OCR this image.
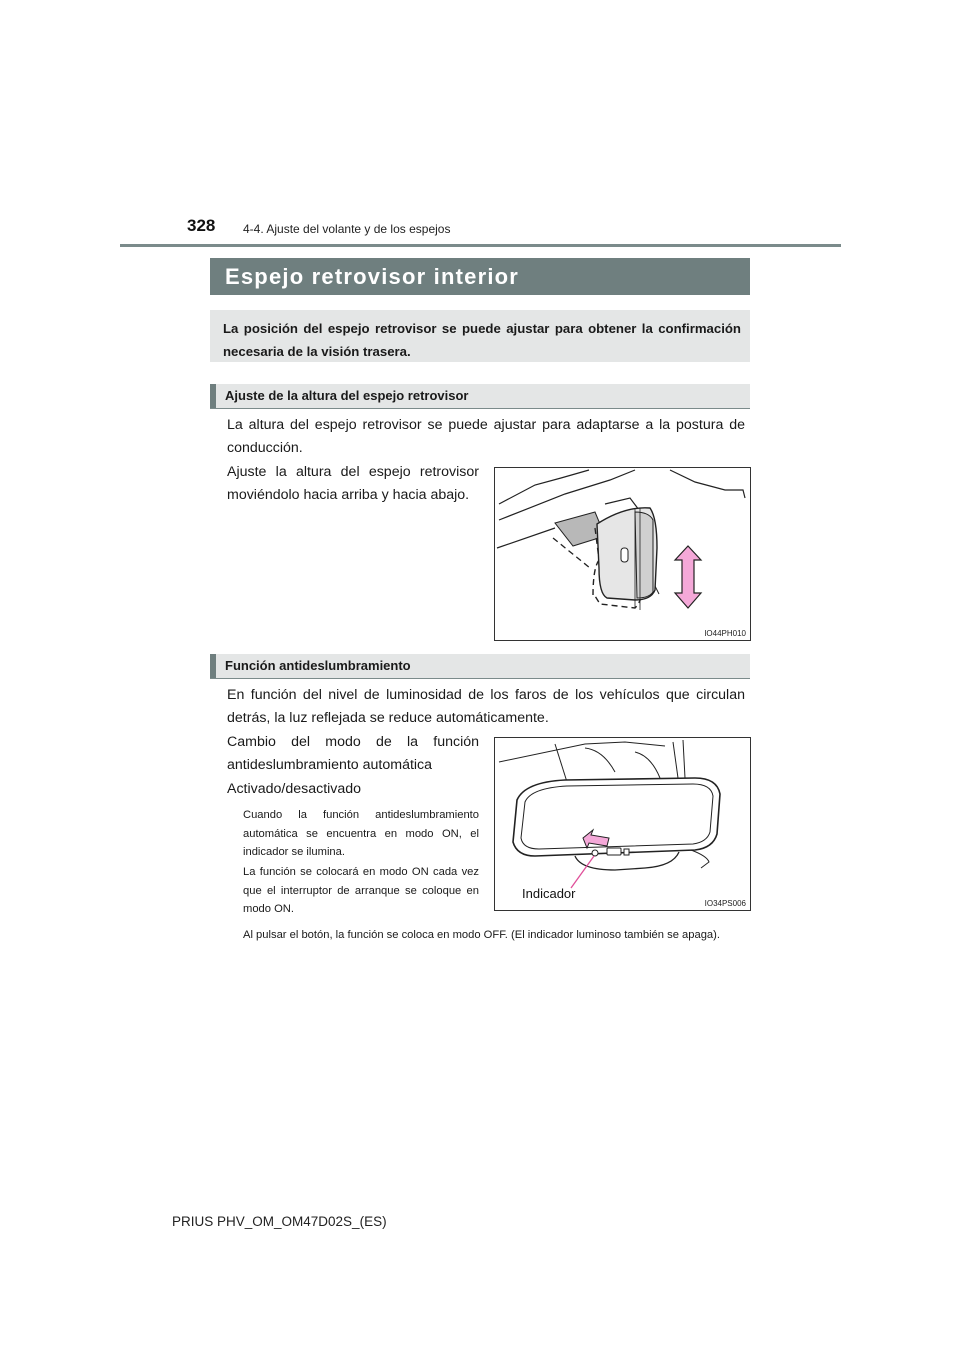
328 4-4. Ajuste del volante y de los espejos
Espejo retrovisor interior
La posición del espejo retrovisor se puede ajustar para obtener la confirmación necesaria de la visión trasera.
Ajuste de la altura del espejo retrovisor
La altura del espejo retrovisor se puede ajustar para adaptarse a la postura de conducción.
Ajuste la altura del espejo retrovisor moviéndolo hacia arriba y hacia abajo.
IO44PH010
Función antideslumbramiento
En función del nivel de luminosidad de los faros de los vehículos que circulan detrás, la luz reflejada se reduce automáticamente.
Cambio del modo de la función antideslumbramiento automática
Activado/desactivado
Cuando la función antideslumbramiento automática se encuentra en modo ON, el indicador se ilumina.
La función se colocará en modo ON cada vez que el interruptor de arranque se coloque en modo ON.
Al pulsar el botón, la función se coloca en modo OFF. (El indicador luminoso también se apaga).
Indicador
IO34PS006
PRIUS PHV_OM_OM47D02S_(ES)
